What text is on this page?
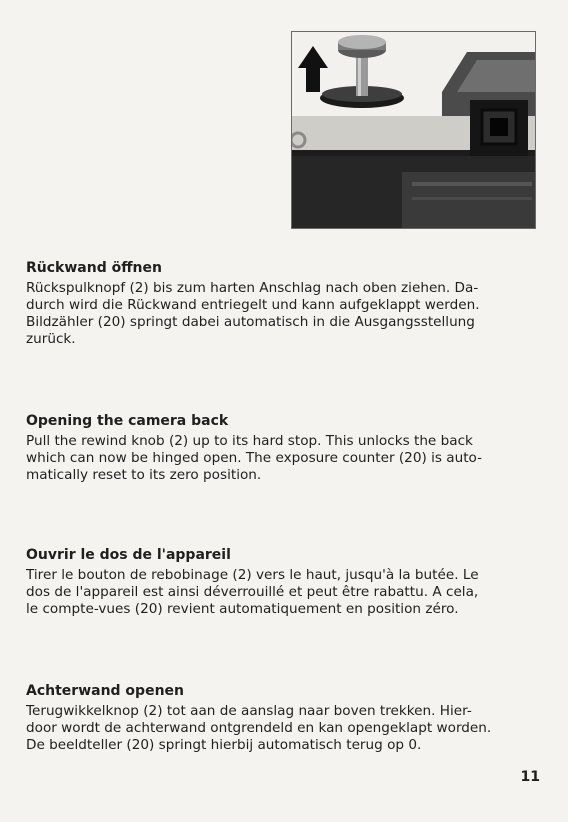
Rückwand öffnen

Rückspulknopf (2) bis zum harten Anschlag nach oben ziehen. Da-
durch wird die Rückwand entriegelt und kann aufgeklappt werden.
Bildzähler (20) springt dabei automatisch in die Ausgangsstellung
zurück.

Opening the camera back

Pull the rewind knob (2) up to its hard stop. This unlocks the back
which can now be hinged open. The exposure counter (20) is auto-
matically reset to its zero position.

Ouvrir le dos de l'appareil

Tirer le bouton de rebobinage (2) vers le haut, jusqu'à la butée. Le
dos de l'appareil est ainsi déverrouillé et peut être rabattu. A cela,
le compte-vues (20) revient automatiquement en position zéro.

Achterwand openen

Terugwikkelknop (2) tot aan de aanslag naar boven trekken. Hier-
door wordt de achterwand ontgrendeld en kan opengeklapt worden.
De beeldteller (20) springt hierbij automatisch terug op 0.

11
